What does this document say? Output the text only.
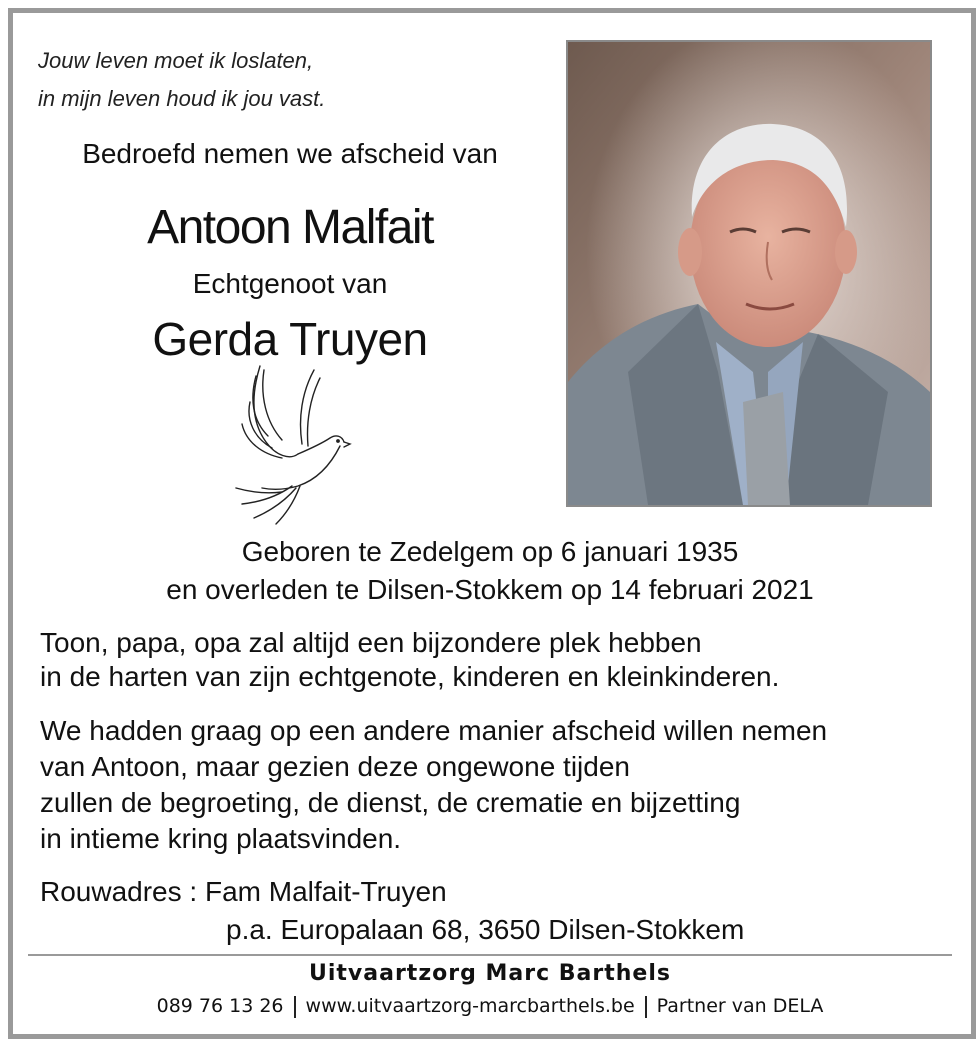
Jouw leven moet ik loslaten,
in mijn leven houd ik jou vast.
Bedroefd nemen we afscheid van
Antoon Malfait
Echtgenoot van
Gerda Truyen
Geboren te Zedelgem op 6 januari 1935
en overleden te Dilsen-Stokkem op 14 februari 2021
Toon, papa, opa zal altijd een bijzondere plek hebben
in de harten van zijn echtgenote, kinderen en kleinkinderen.
We hadden graag op een andere manier afscheid willen nemen
van Antoon, maar gezien deze ongewone tijden
zullen de begroeting, de dienst, de crematie en bijzetting
in intieme kring plaatsvinden.
Rouwadres : Fam Malfait-Truyen
p.a. Europalaan 68, 3650 Dilsen-Stokkem
Uitvaartzorg Marc Barthels
089 76 13 26 www.uitvaartzorg-marcbarthels.be Partner van DELA
